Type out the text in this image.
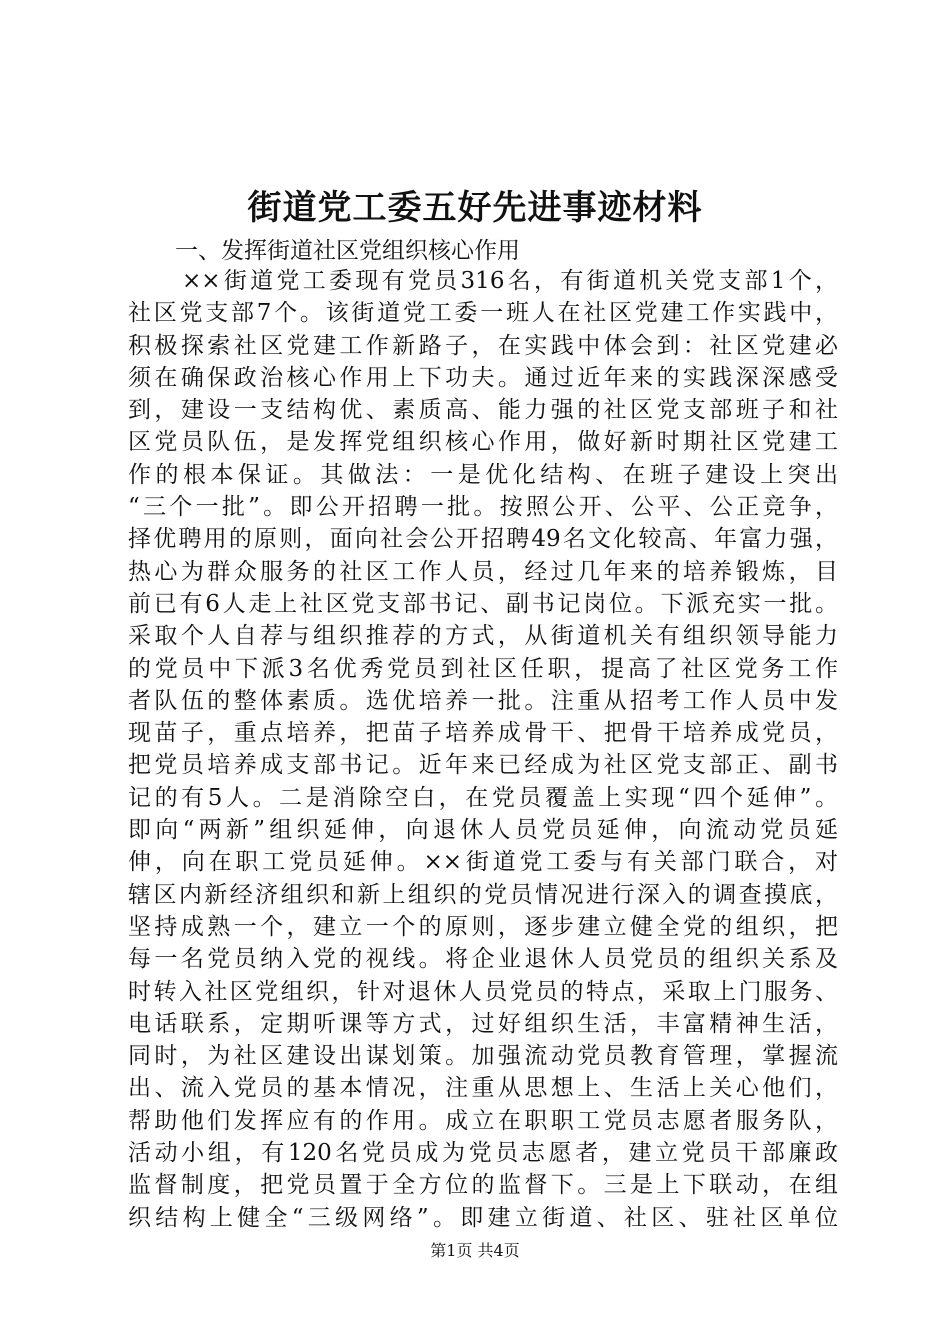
街道党工委五好先进事迹材料

一、发挥街道社区党组织核心作用

××街道党工委现有党员316名，有街道机关党支部1个，
社区党支部7个。该街道党工委一班人在社区党建工作实践中，
积极探索社区党建工作新路子，在实践中体会到：社区党建必
须在确保政治核心作用上下功夫。通过近年来的实践深深感受
到，建设一支结构优、素质高、能力强的社区党支部班子和社
区党员队伍，是发挥党组织核心作用，做好新时期社区党建工
作的根本保证。其做法：一是优化结构、在班子建设上突出
“三个一批”。即公开招聘一批。按照公开、公平、公正竞争，
择优聘用的原则，面向社会公开招聘49名文化较高、年富力强，
热心为群众服务的社区工作人员，经过几年来的培养锻炼，目
前已有6人走上社区党支部书记、副书记岗位。下派充实一批。
采取个人自荐与组织推荐的方式，从街道机关有组织领导能力
的党员中下派3名优秀党员到社区任职，提高了社区党务工作
者队伍的整体素质。选优培养一批。注重从招考工作人员中发
现苗子，重点培养，把苗子培养成骨干、把骨干培养成党员，
把党员培养成支部书记。近年来已经成为社区党支部正、副书
记的有5人。二是消除空白，在党员覆盖上实现“四个延伸”。
即向“两新”组织延伸，向退休人员党员延伸，向流动党员延
伸，向在职工党员延伸。××街道党工委与有关部门联合，对
辖区内新经济组织和新上组织的党员情况进行深入的调查摸底，
坚持成熟一个，建立一个的原则，逐步建立健全党的组织，把
每一名党员纳入党的视线。将企业退休人员党员的组织关系及
时转入社区党组织，针对退休人员党员的特点，采取上门服务、
电话联系，定期听课等方式，过好组织生活，丰富精神生活，
同时，为社区建设出谋划策。加强流动党员教育管理，掌握流
出、流入党员的基本情况，注重从思想上、生活上关心他们，
帮助他们发挥应有的作用。成立在职职工党员志愿者服务队，
活动小组，有120名党员成为党员志愿者，建立党员干部廉政
监督制度，把党员置于全方位的监督下。三是上下联动，在组
织结构上健全“三级网络”。即建立街道、社区、驻社区单位

第1页 共4页
